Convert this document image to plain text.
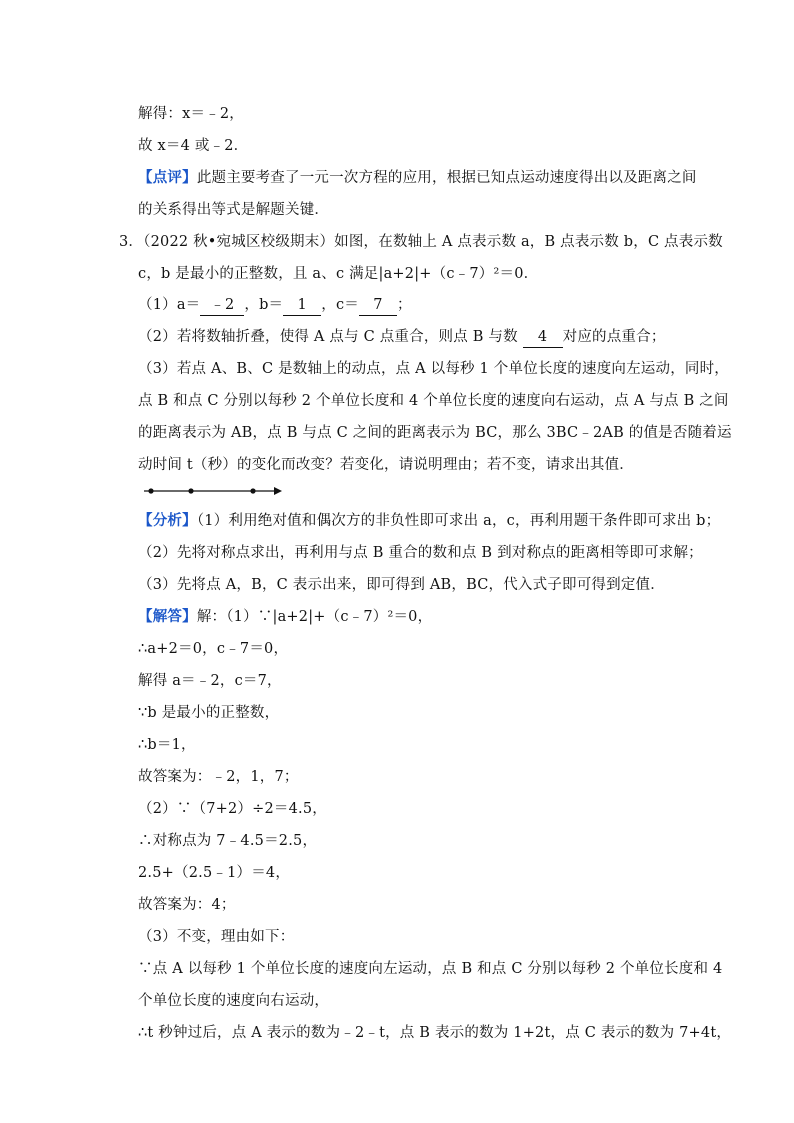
解得：x＝﹣2，
故 x＝4 或﹣2．
【点评】此题主要考查了一元一次方程的应用，根据已知点运动速度得出以及距离之间
的关系得出等式是解题关键．
3．（2022 秋•宛城区校级期末）如图，在数轴上 A 点表示数 a，B 点表示数 b，C 点表示数
c，b 是最小的正整数，且 a、c 满足|a+2|+（c﹣7）²＝0．
（1）a＝ ﹣2 ，b＝ 1 ，c＝ 7 ；
（2）若将数轴折叠，使得 A 点与 C 点重合，则点 B 与数 4 对应的点重合；
（3）若点 A、B、C 是数轴上的动点，点 A 以每秒 1 个单位长度的速度向左运动，同时，
点 B 和点 C 分别以每秒 2 个单位长度和 4 个单位长度的速度向右运动，点 A 与点 B 之间
的距离表示为 AB，点 B 与点 C 之间的距离表示为 BC，那么 3BC﹣2AB 的值是否随着运
动时间 t（秒）的变化而改变？若变化，请说明理由；若不变，请求出其值．
【分析】（1）利用绝对值和偶次方的非负性即可求出 a，c，再利用题干条件即可求出 b；
（2）先将对称点求出，再利用与点 B 重合的数和点 B 到对称点的距离相等即可求解；
（3）先将点 A，B，C 表示出来，即可得到 AB，BC，代入式子即可得到定值．
【解答】解：（1）∵|a+2|+（c﹣7）²＝0，
∴a+2＝0，c﹣7＝0，
解得 a＝﹣2，c＝7，
∵b 是最小的正整数，
∴b＝1，
故答案为：﹣2，1，7；
（2）∵（7+2）÷2＝4.5，
∴对称点为 7﹣4.5＝2.5，
2.5+（2.5﹣1）＝4，
故答案为：4；
（3）不变，理由如下：
∵点 A 以每秒 1 个单位长度的速度向左运动，点 B 和点 C 分别以每秒 2 个单位长度和 4
个单位长度的速度向右运动，
∴t 秒钟过后，点 A 表示的数为﹣2﹣t，点 B 表示的数为 1+2t，点 C 表示的数为 7+4t，
